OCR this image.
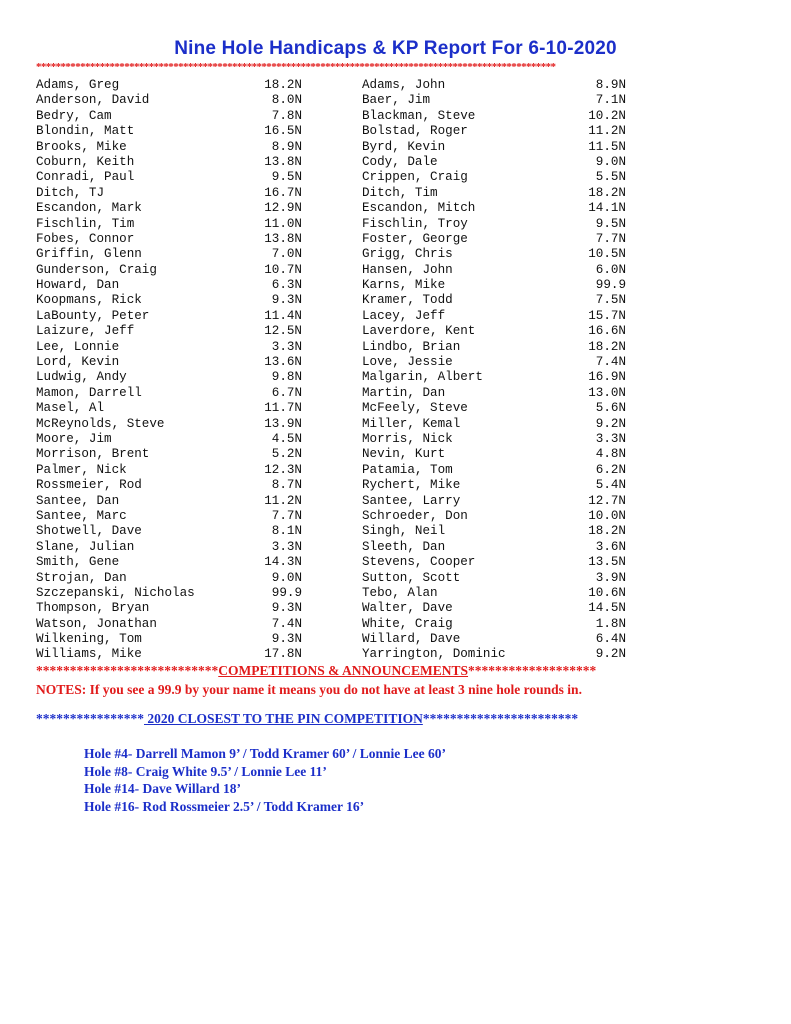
Nine Hole Handicaps & KP Report For 6-10-2020
**********************************************************************************************************
Adams, Greg	18.2N	Adams, John	8.9N
Anderson, David	8.0N	Baer, Jim	7.1N
Bedry, Cam	7.8N	Blackman, Steve	10.2N
Blondin, Matt	16.5N	Bolstad, Roger	11.2N
Brooks, Mike	8.9N	Byrd, Kevin	11.5N
Coburn, Keith	13.8N	Cody, Dale	9.0N
Conradi, Paul	9.5N	Crippen, Craig	5.5N
Ditch, TJ	16.7N	Ditch, Tim	18.2N
Escandon, Mark	12.9N	Escandon, Mitch	14.1N
Fischlin, Tim	11.0N	Fischlin, Troy	9.5N
Fobes, Connor	13.8N	Foster, George	7.7N
Griffin, Glenn	7.0N	Grigg, Chris	10.5N
Gunderson, Craig	10.7N	Hansen, John	6.0N
Howard, Dan	6.3N	Karns, Mike	99.9
Koopmans, Rick	9.3N	Kramer, Todd	7.5N
LaBounty, Peter	11.4N	Lacey, Jeff	15.7N
Laizure, Jeff	12.5N	Laverdore, Kent	16.6N
Lee, Lonnie	3.3N	Lindbo, Brian	18.2N
Lord, Kevin	13.6N	Love, Jessie	7.4N
Ludwig, Andy	9.8N	Malgarin, Albert	16.9N
Mamon, Darrell	6.7N	Martin, Dan	13.0N
Masel, Al	11.7N	McFeely, Steve	5.6N
McReynolds, Steve	13.9N	Miller, Kemal	9.2N
Moore, Jim	4.5N	Morris, Nick	3.3N
Morrison, Brent	5.2N	Nevin, Kurt	4.8N
Palmer, Nick	12.3N	Patamia, Tom	6.2N
Rossmeier, Rod	8.7N	Rychert, Mike	5.4N
Santee, Dan	11.2N	Santee, Larry	12.7N
Santee, Marc	7.7N	Schroeder, Don	10.0N
Shotwell, Dave	8.1N	Singh, Neil	18.2N
Slane, Julian	3.3N	Sleeth, Dan	3.6N
Smith, Gene	14.3N	Stevens, Cooper	13.5N
Strojan, Dan	9.0N	Sutton, Scott	3.9N
Szczepanski, Nicholas	99.9	Tebo, Alan	10.6N
Thompson, Bryan	9.3N	Walter, Dave	14.5N
Watson, Jonathan	7.4N	White, Craig	1.8N
Wilkening, Tom	9.3N	Willard, Dave	6.4N
Williams, Mike	17.8N	Yarrington, Dominic	9.2N
***************************COMPETITIONS & ANNOUNCEMENTS*******************
NOTES: If you see a 99.9 by your name it means you do not have at least 3 nine hole rounds in.
**************** 2020 CLOSEST TO THE PIN COMPETITION***********************
Hole #4- Darrell Mamon 9’ / Todd Kramer 60’ / Lonnie Lee 60’
Hole #8- Craig White 9.5’ / Lonnie Lee 11’
Hole #14- Dave Willard 18’
Hole #16- Rod Rossmeier 2.5’ / Todd Kramer 16’
